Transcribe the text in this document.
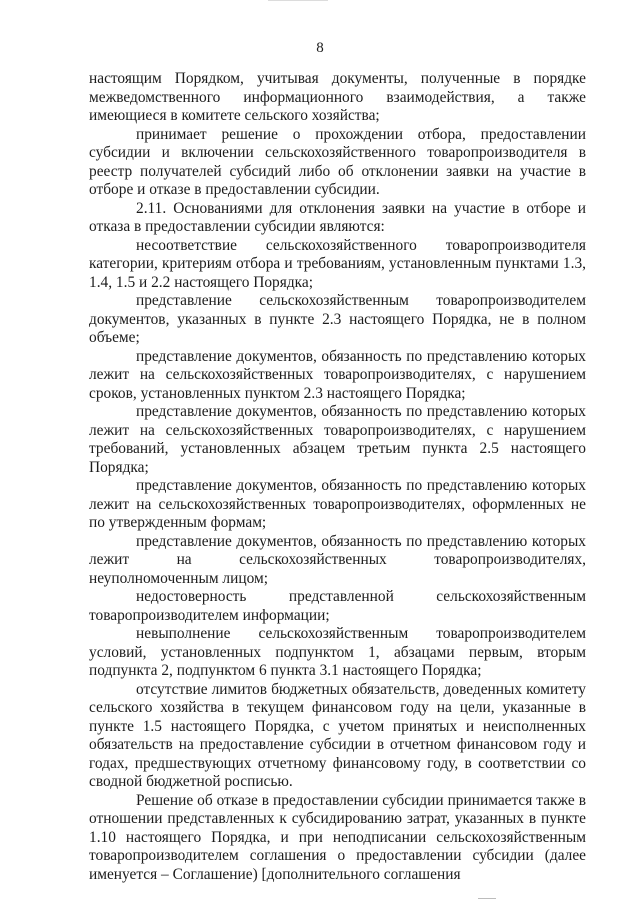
8

настоящим Порядком, учитывая документы, полученные в порядке межведомственного информационного взаимодействия, а также имеющиеся в комитете сельского хозяйства;

принимает решение о прохождении отбора, предоставлении субсидии и включении сельскохозяйственного товаропроизводителя в реестр получателей субсидий либо об отклонении заявки на участие в отборе и отказе в предоставлении субсидии.

2.11. Основаниями для отклонения заявки на участие в отборе и отказа в предоставлении субсидии являются:

несоответствие сельскохозяйственного товаропроизводителя категории, критериям отбора и требованиям, установленным пунктами 1.3, 1.4, 1.5 и 2.2 настоящего Порядка;

представление сельскохозяйственным товаропроизводителем документов, указанных в пункте 2.3 настоящего Порядка, не в полном объеме;

представление документов, обязанность по представлению которых лежит на сельскохозяйственных товаропроизводителях, с нарушением сроков, установленных пунктом 2.3 настоящего Порядка;

представление документов, обязанность по представлению которых лежит на сельскохозяйственных товаропроизводителях, с нарушением требований, установленных абзацем третьим пункта 2.5 настоящего Порядка;

представление документов, обязанность по представлению которых лежит на сельскохозяйственных товаропроизводителях, оформленных не по утвержденным формам;

представление документов, обязанность по представлению которых лежит на сельскохозяйственных товаропроизводителях, неуполномоченным лицом;

недостоверность представленной сельскохозяйственным товаропроизводителем информации;

невыполнение сельскохозяйственным товаропроизводителем условий, установленных подпунктом 1, абзацами первым, вторым подпункта 2, подпунктом 6 пункта 3.1 настоящего Порядка;

отсутствие лимитов бюджетных обязательств, доведенных комитету сельского хозяйства в текущем финансовом году на цели, указанные в пункте 1.5 настоящего Порядка, с учетом принятых и неисполненных обязательств на предоставление субсидии в отчетном финансовом году и годах, предшествующих отчетному финансовому году, в соответствии со сводной бюджетной росписью.

Решение об отказе в предоставлении субсидии принимается также в отношении представленных к субсидированию затрат, указанных в пункте 1.10 настоящего Порядка, и при неподписании сельскохозяйственным товаропроизводителем соглашения о предоставлении субсидии (далее именуется – Соглашение) [дополнительного соглашения
